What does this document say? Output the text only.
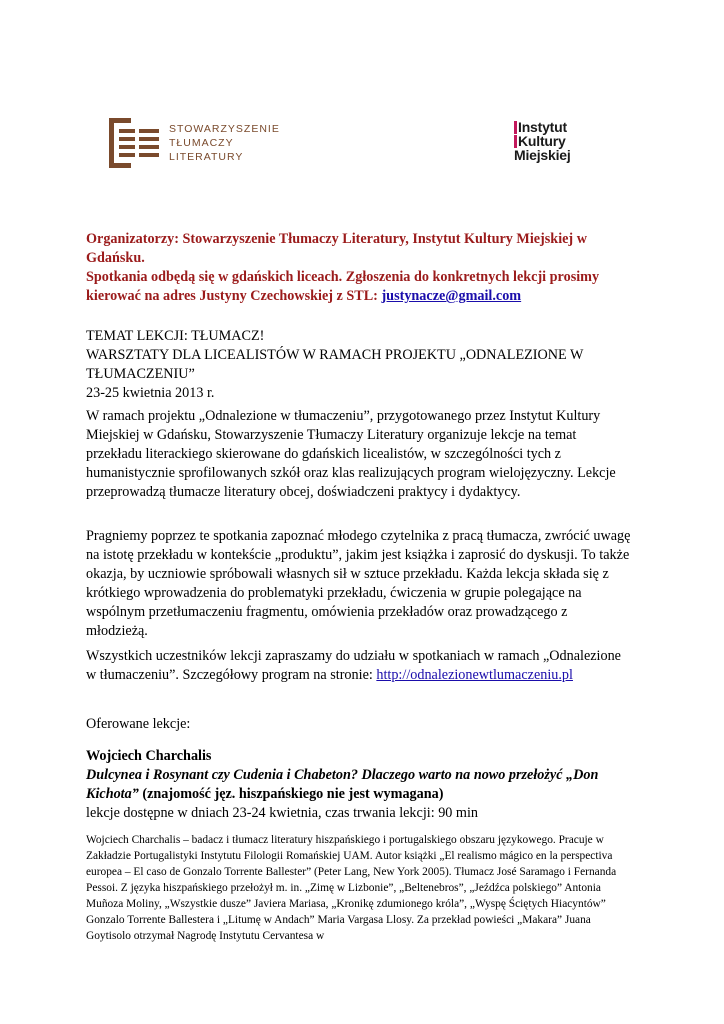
STOWARZYSZENIE
TŁUMACZY
LITERATURY
Instytut
Kultury
Miejskiej
Organizatorzy: Stowarzyszenie Tłumaczy Literatury, Instytut Kultury Miejskiej w Gdańsku.
Spotkania odbędą się w gdańskich liceach. Zgłoszenia do konkretnych lekcji prosimy kierować na adres Justyny Czechowskiej z STL: justynacze@gmail.com
TEMAT LEKCJI: TŁUMACZ!
WARSZTATY DLA LICEALISTÓW W RAMACH PROJEKTU „ODNALEZIONE W TŁUMACZENIU”
23-25 kwietnia 2013 r.
W ramach projektu „Odnalezione w tłumaczeniu”, przygotowanego przez Instytut Kultury Miejskiej w Gdańsku, Stowarzyszenie Tłumaczy Literatury organizuje lekcje na temat przekładu literackiego skierowane do gdańskich licealistów, w szczególności tych z humanistycznie sprofilowanych szkół oraz klas realizujących program wielojęzyczny. Lekcje przeprowadzą tłumacze literatury obcej, doświadczeni praktycy i dydaktycy.
Pragniemy poprzez te spotkania zapoznać młodego czytelnika z pracą tłumacza, zwrócić uwagę na istotę przekładu w kontekście „produktu”, jakim jest książka i zaprosić do dyskusji. To także okazja, by uczniowie spróbowali własnych sił w sztuce przekładu. Każda lekcja składa się z krótkiego wprowadzenia do problematyki przekładu, ćwiczenia w grupie polegające na wspólnym przetłumaczeniu fragmentu, omówienia przekładów oraz prowadzącego z młodzieżą.
Wszystkich uczestników lekcji zapraszamy do udziału w spotkaniach w ramach „Odnalezione w tłumaczeniu”. Szczegółowy program na stronie: http://odnalezionewtlumaczeniu.pl
Oferowane lekcje:
Wojciech Charchalis
Dulcynea i Rosynant czy Cudenia i Chabeton? Dlaczego warto na nowo przełożyć „Don Kichota” (znajomość jęz. hiszpańskiego nie jest wymagana)
lekcje dostępne w dniach 23-24 kwietnia, czas trwania lekcji: 90 min
Wojciech Charchalis – badacz i tłumacz literatury hiszpańskiego i portugalskiego obszaru językowego. Pracuje w Zakładzie Portugalistyki Instytutu Filologii Romańskiej UAM. Autor książki „El realismo mágico en la perspectiva europea – El caso de Gonzalo Torrente Ballester” (Peter Lang, New York 2005). Tłumacz José Saramago i Fernanda Pessoi. Z języka hiszpańskiego przełożył m. in. „Zimę w Lizbonie”, „Beltenebros”, „Jeźdźca polskiego” Antonia Muñoza Moliny, „Wszystkie dusze” Javiera Mariasa, „Kronikę zdumionego króla”, „Wyspę Ściętych Hiacyntów” Gonzalo Torrente Ballestera i „Litumę w Andach” Maria Vargasa Llosy. Za przekład powieści „Makara” Juana Goytisolo otrzymał Nagrodę Instytutu Cervantesa w
